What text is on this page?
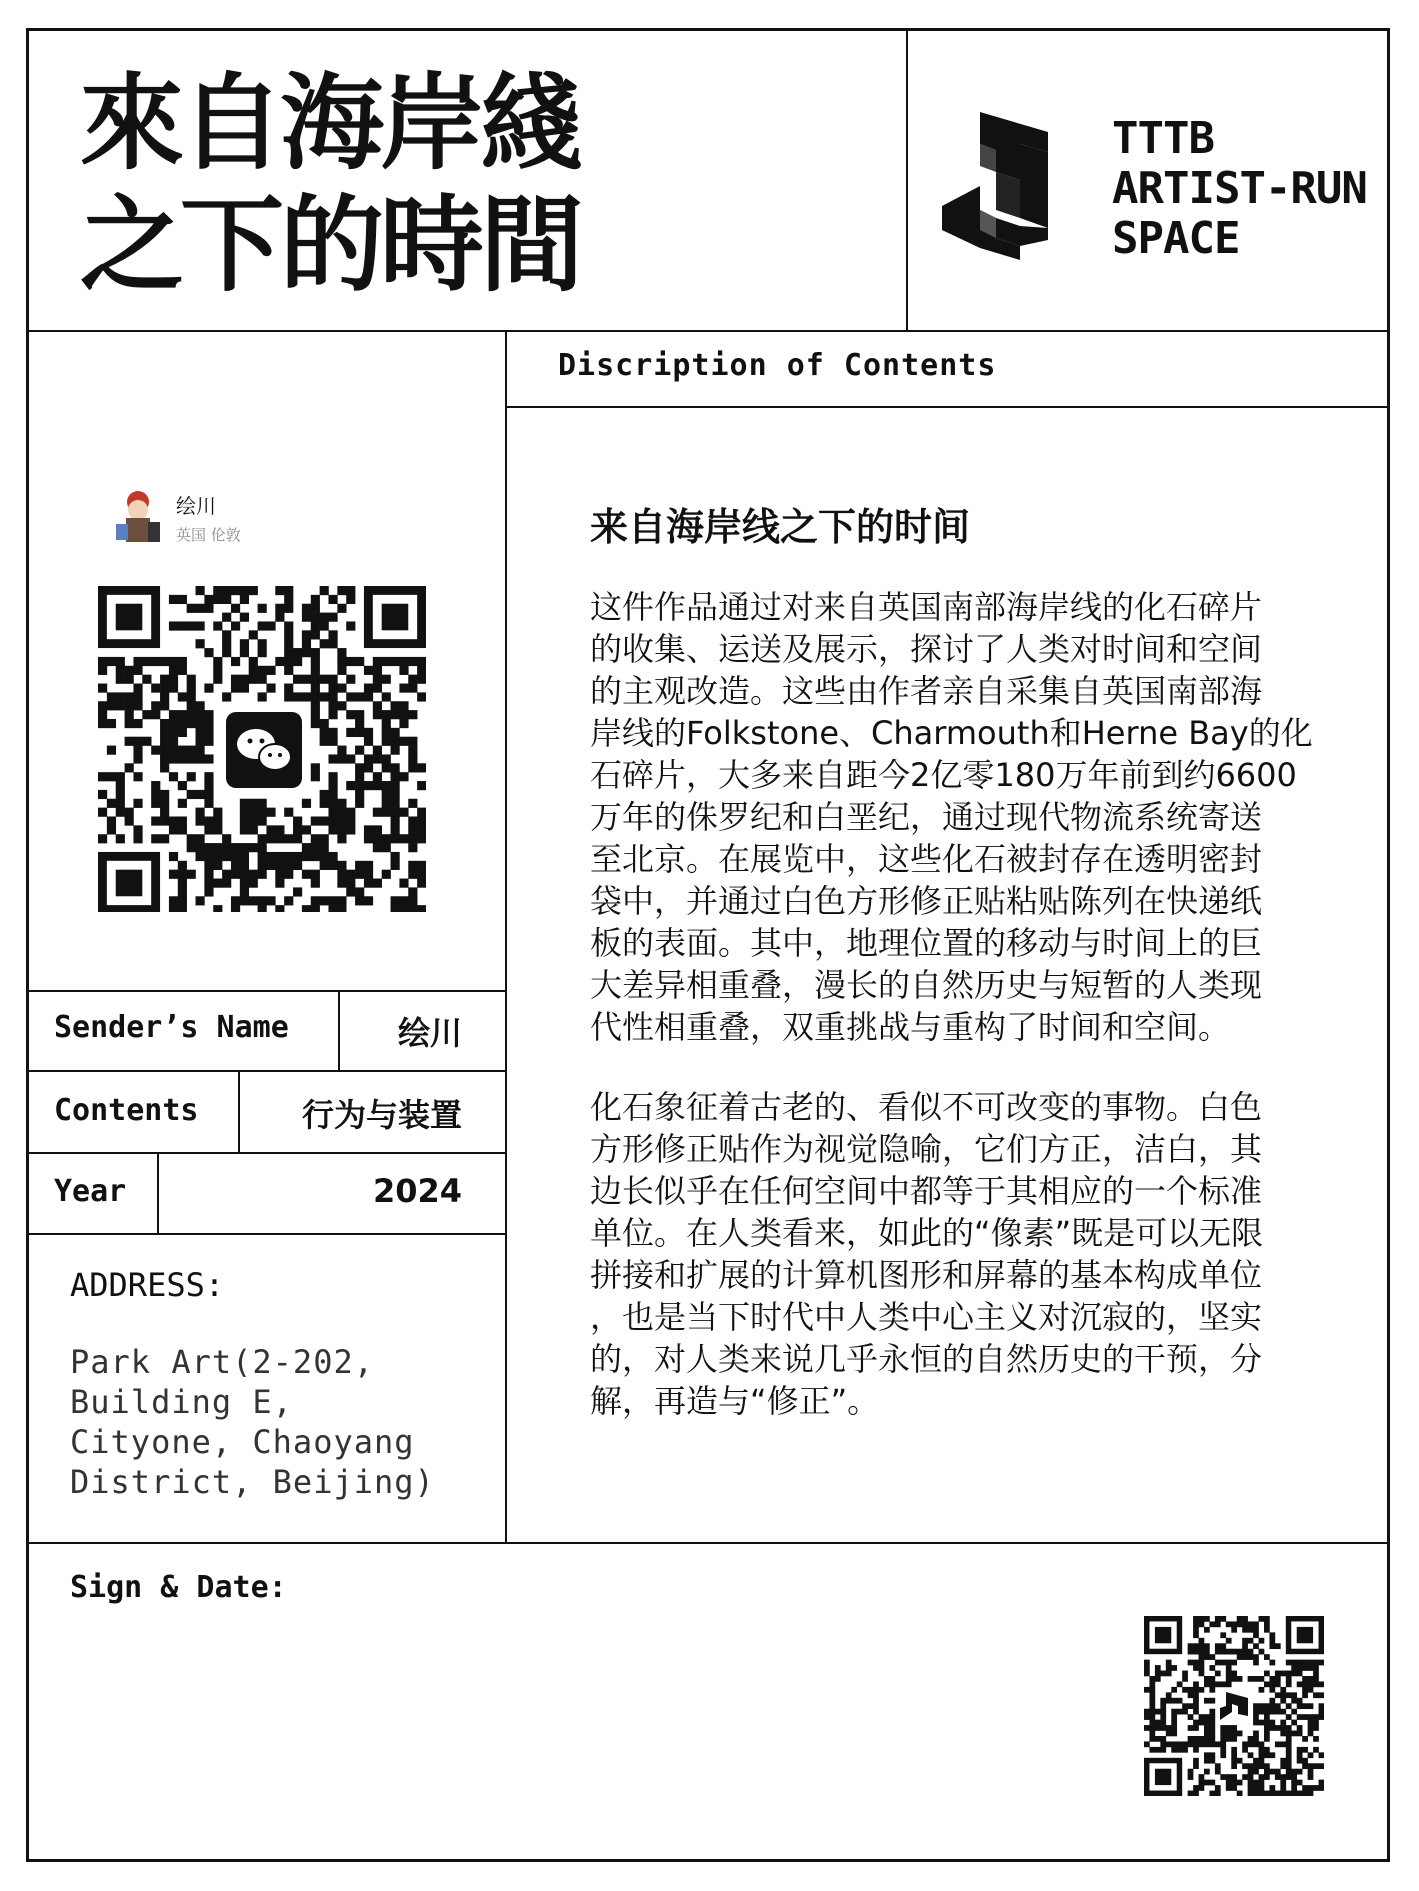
來自海岸綫
之下的時間
TTTB
ARTIST-RUN
SPACE
绘川
英国 伦敦
Sender’s Name	绘川
Contents	行为与装置
Year	2024
ADDRESS:
Park Art(2-202,
Building E,
Cityone, Chaoyang
District, Beijing)
Discription of Contents
来自海岸线之下的时间
这件作品通过对来自英国南部海岸线的化石碎片
的收集、运送及展示，探讨了人类对时间和空间
的主观改造。这些由作者亲自采集自英国南部海
岸线的Folkstone、Charmouth和Herne Bay的化
石碎片，大多来自距今2亿零180万年前到约6600
万年的侏罗纪和白垩纪，通过现代物流系统寄送
至北京。在展览中，这些化石被封存在透明密封
袋中，并通过白色方形修正贴粘贴陈列在快递纸
板的表面。其中，地理位置的移动与时间上的巨
大差异相重叠，漫长的自然历史与短暂的人类现
代性相重叠，双重挑战与重构了时间和空间。
化石象征着古老的、看似不可改变的事物。白色
方形修正贴作为视觉隐喻，它们方正，洁白，其
边长似乎在任何空间中都等于其相应的一个标准
单位。在人类看来，如此的“像素”既是可以无限
拼接和扩展的计算机图形和屏幕的基本构成单位
，也是当下时代中人类中心主义对沉寂的，坚实
的，对人类来说几乎永恒的自然历史的干预，分
解，再造与“修正”。
Sign & Date:
